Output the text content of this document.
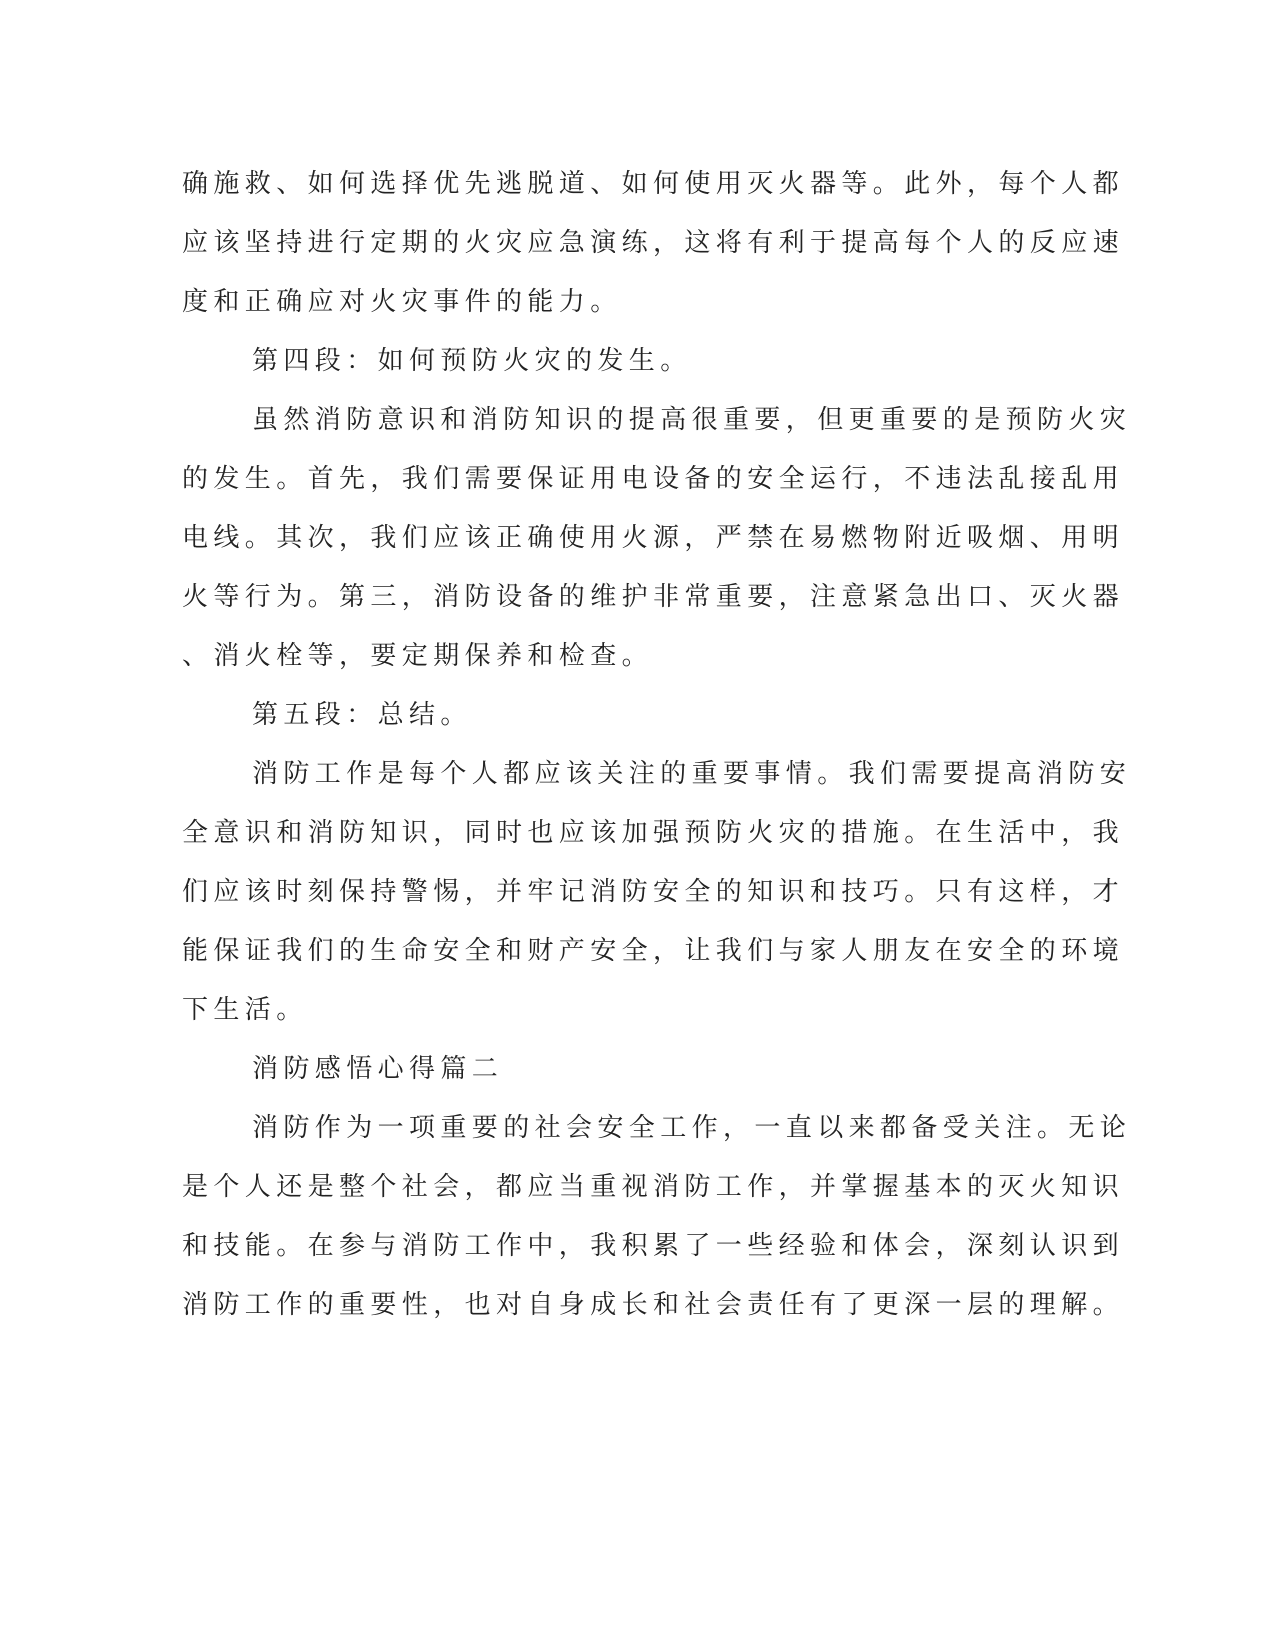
确施救、如何选择优先逃脱道、如何使用灭火器等。此外，每个人都
应该坚持进行定期的火灾应急演练，这将有利于提高每个人的反应速
度和正确应对火灾事件的能力。
第四段：如何预防火灾的发生。
虽然消防意识和消防知识的提高很重要，但更重要的是预防火灾
的发生。首先，我们需要保证用电设备的安全运行，不违法乱接乱用
电线。其次，我们应该正确使用火源，严禁在易燃物附近吸烟、用明
火等行为。第三，消防设备的维护非常重要，注意紧急出口、灭火器
、消火栓等，要定期保养和检查。
第五段：总结。
消防工作是每个人都应该关注的重要事情。我们需要提高消防安
全意识和消防知识，同时也应该加强预防火灾的措施。在生活中，我
们应该时刻保持警惕，并牢记消防安全的知识和技巧。只有这样，才
能保证我们的生命安全和财产安全，让我们与家人朋友在安全的环境
下生活。
消防感悟心得篇二
消防作为一项重要的社会安全工作，一直以来都备受关注。无论
是个人还是整个社会，都应当重视消防工作，并掌握基本的灭火知识
和技能。在参与消防工作中，我积累了一些经验和体会，深刻认识到
消防工作的重要性，也对自身成长和社会责任有了更深一层的理解。
